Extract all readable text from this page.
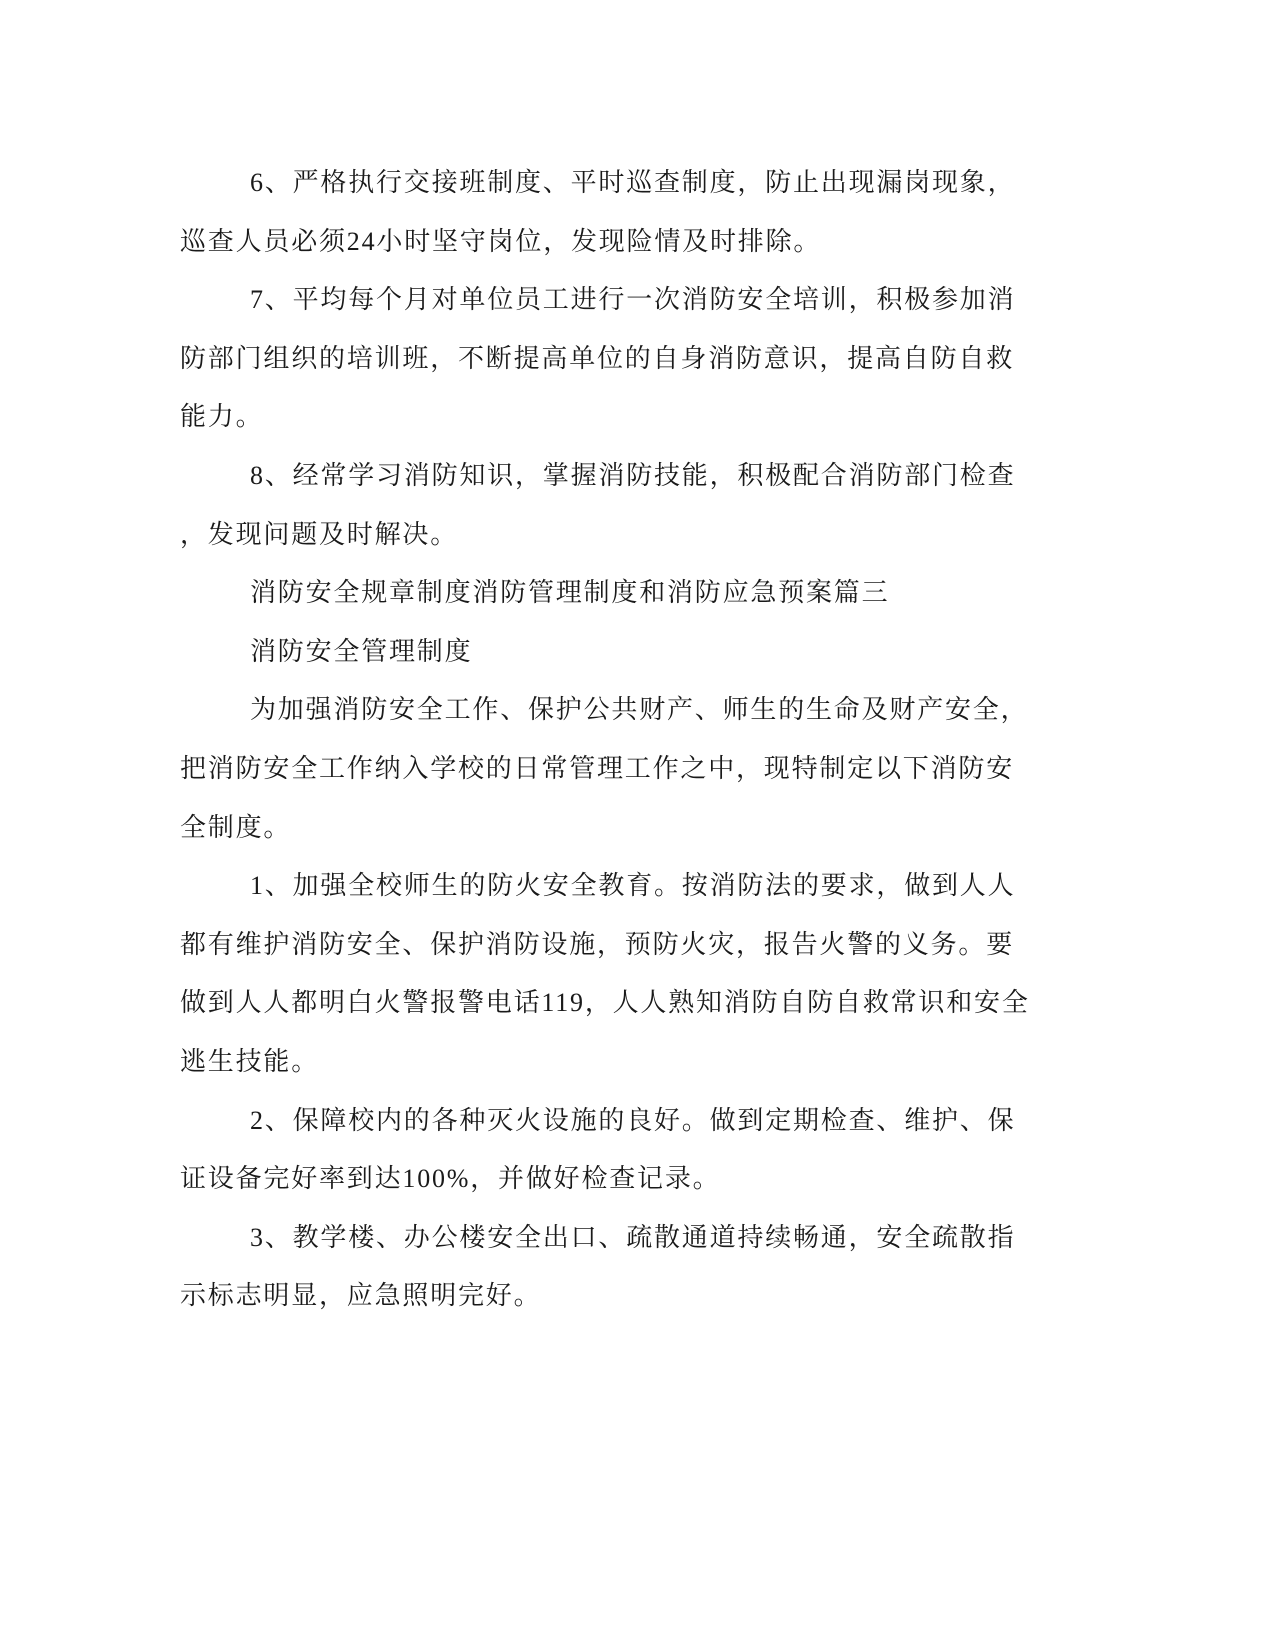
6、严格执行交接班制度、平时巡查制度，防止出现漏岗现象，
巡查人员必须24小时坚守岗位，发现险情及时排除。
7、平均每个月对单位员工进行一次消防安全培训，积极参加消
防部门组织的培训班，不断提高单位的自身消防意识，提高自防自救
能力。
8、经常学习消防知识，掌握消防技能，积极配合消防部门检查
，发现问题及时解决。
消防安全规章制度消防管理制度和消防应急预案篇三
消防安全管理制度
为加强消防安全工作、保护公共财产、师生的生命及财产安全，
把消防安全工作纳入学校的日常管理工作之中，现特制定以下消防安
全制度。
1、加强全校师生的防火安全教育。按消防法的要求，做到人人
都有维护消防安全、保护消防设施，预防火灾，报告火警的义务。要
做到人人都明白火警报警电话119，人人熟知消防自防自救常识和安全
逃生技能。
2、保障校内的各种灭火设施的良好。做到定期检查、维护、保
证设备完好率到达100%，并做好检查记录。
3、教学楼、办公楼安全出口、疏散通道持续畅通，安全疏散指
示标志明显，应急照明完好。
